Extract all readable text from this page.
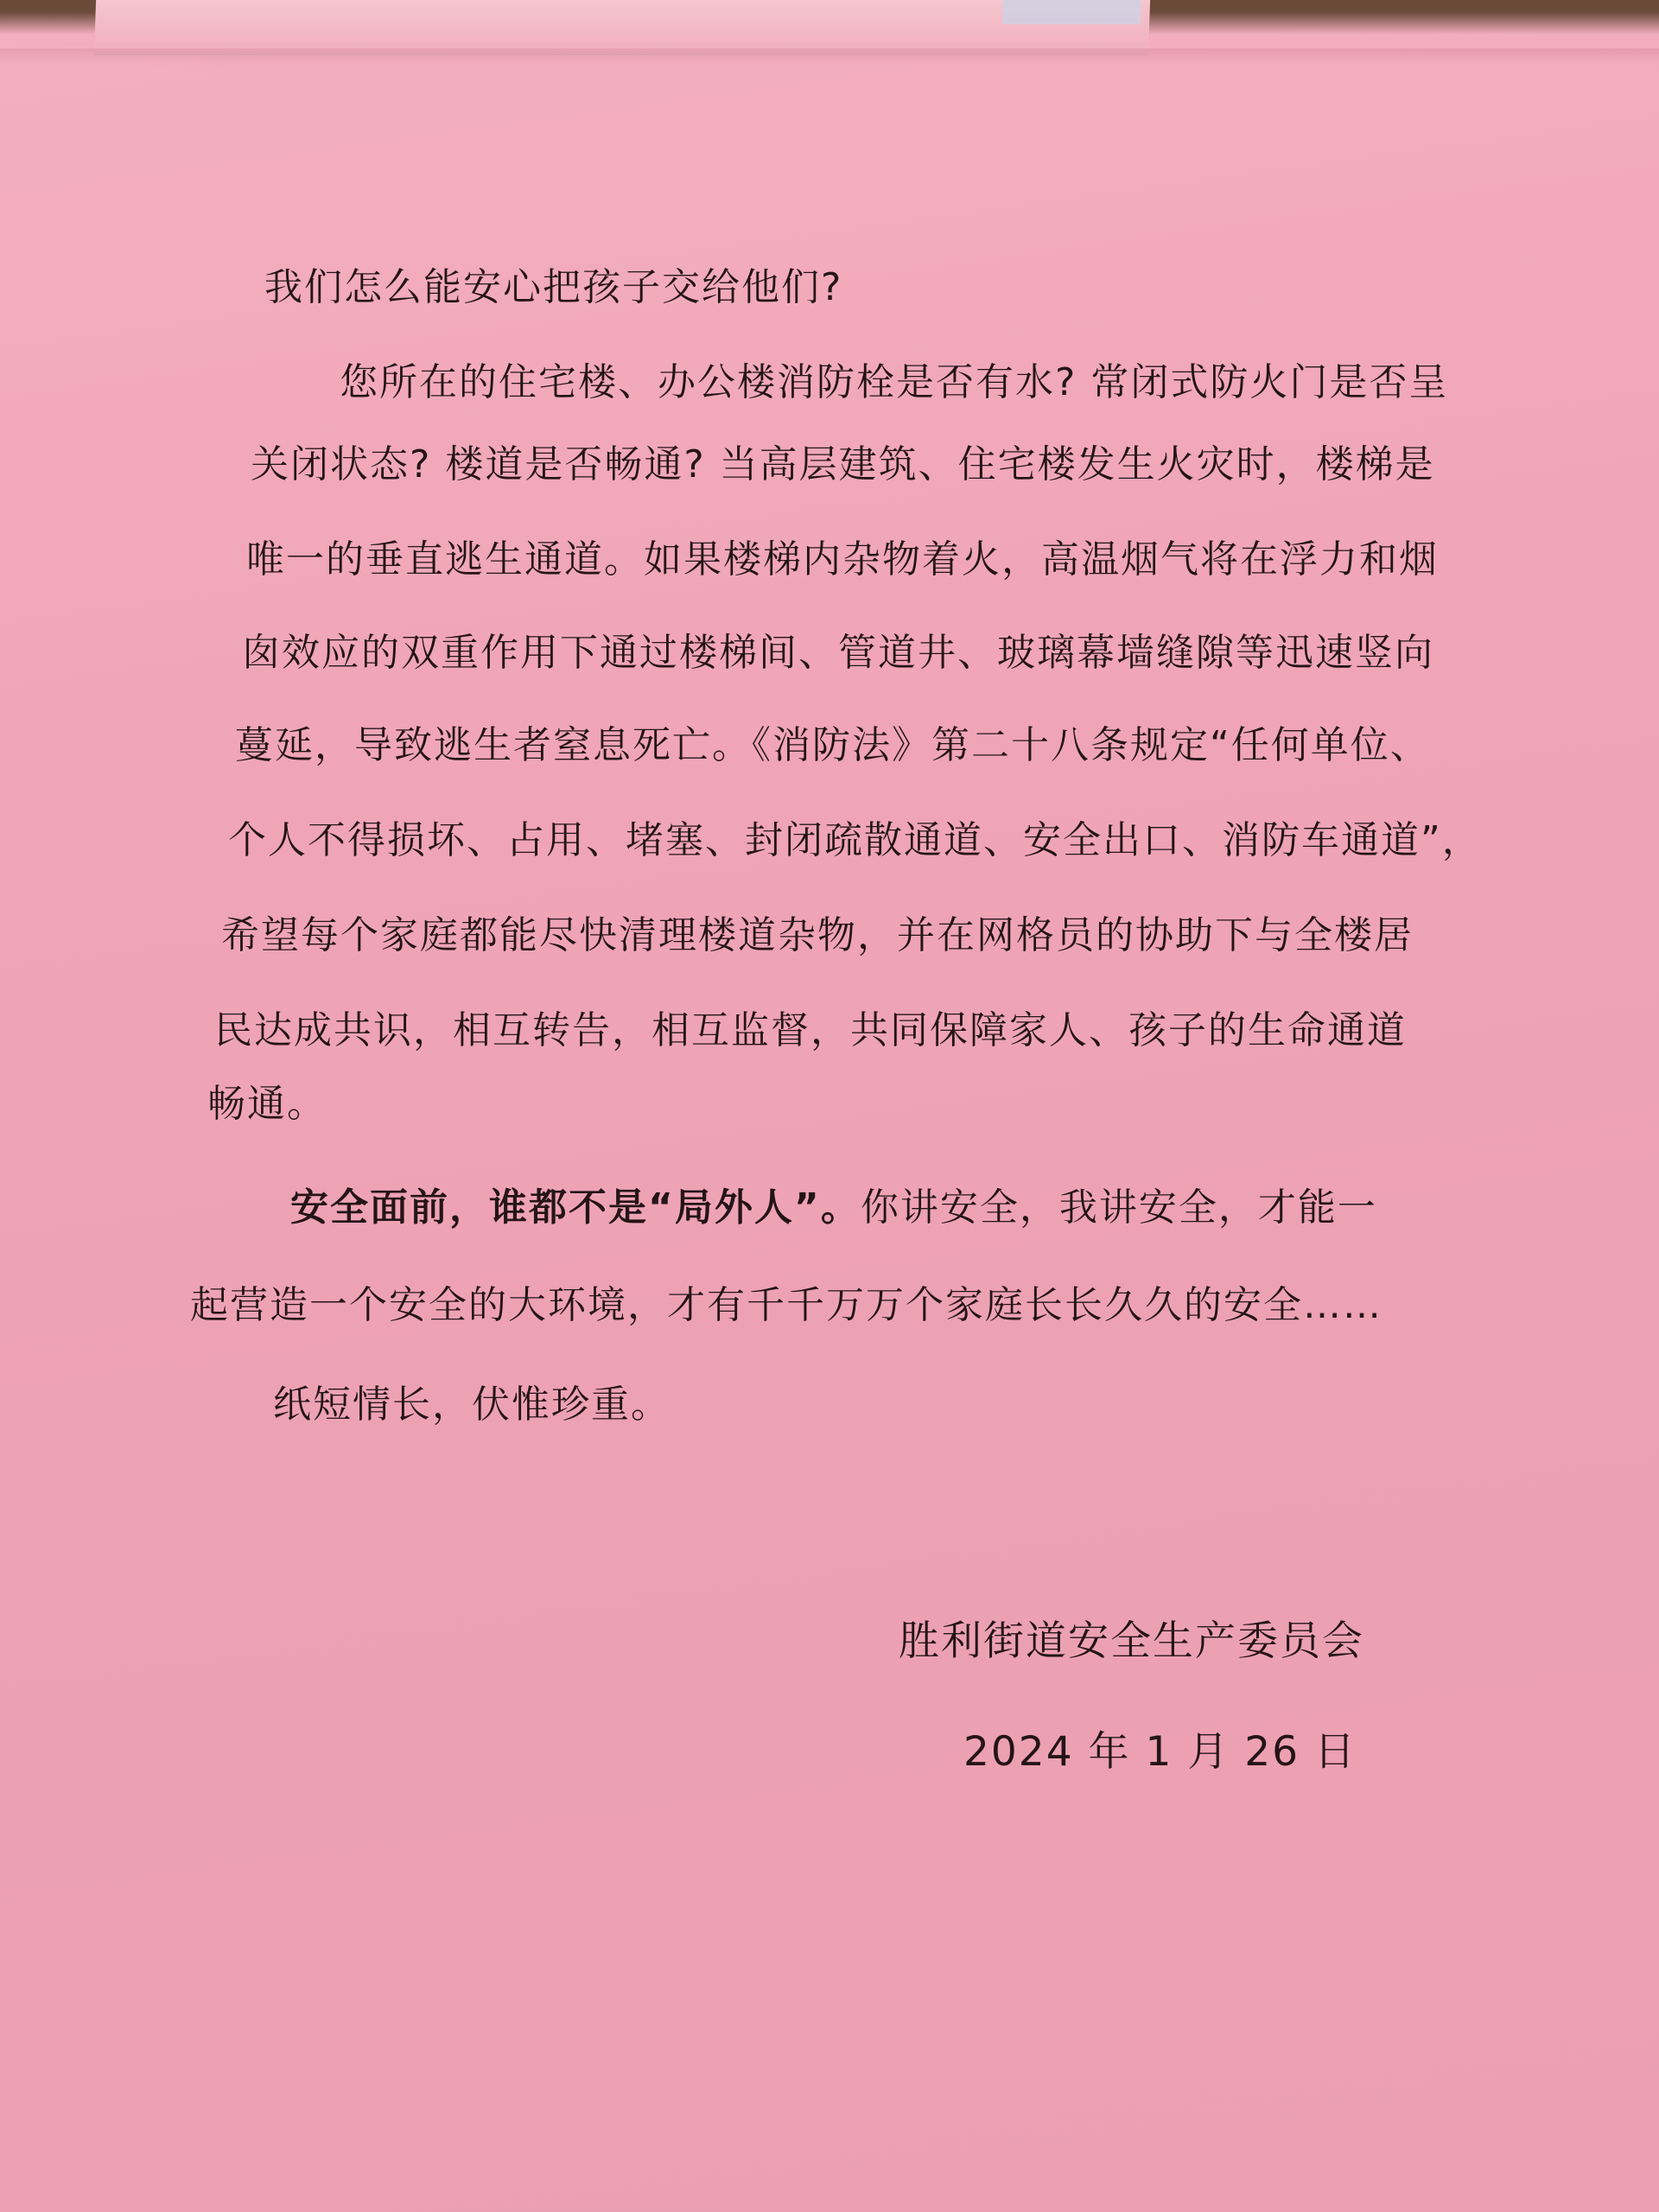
我们怎么能安心把孩子交给他们?
您所在的住宅楼、办公楼消防栓是否有水? 常闭式防火门是否呈
关闭状态? 楼道是否畅通? 当高层建筑、住宅楼发生火灾时，楼梯是
唯一的垂直逃生通道。如果楼梯内杂物着火，高温烟气将在浮力和烟
囱效应的双重作用下通过楼梯间、管道井、玻璃幕墙缝隙等迅速竖向
蔓延，导致逃生者窒息死亡。《消防法》第二十八条规定“任何单位、
个人不得损坏、占用、堵塞、封闭疏散通道、安全出口、消防车通道”，
希望每个家庭都能尽快清理楼道杂物，并在网格员的协助下与全楼居
民达成共识，相互转告，相互监督，共同保障家人、孩子的生命通道
畅通。
安全面前，谁都不是“局外人”。你讲安全，我讲安全，才能一
起营造一个安全的大环境，才有千千万万个家庭长长久久的安全……
纸短情长，伏惟珍重。
胜利街道安全生产委员会
2024 年 1 月 26 日
